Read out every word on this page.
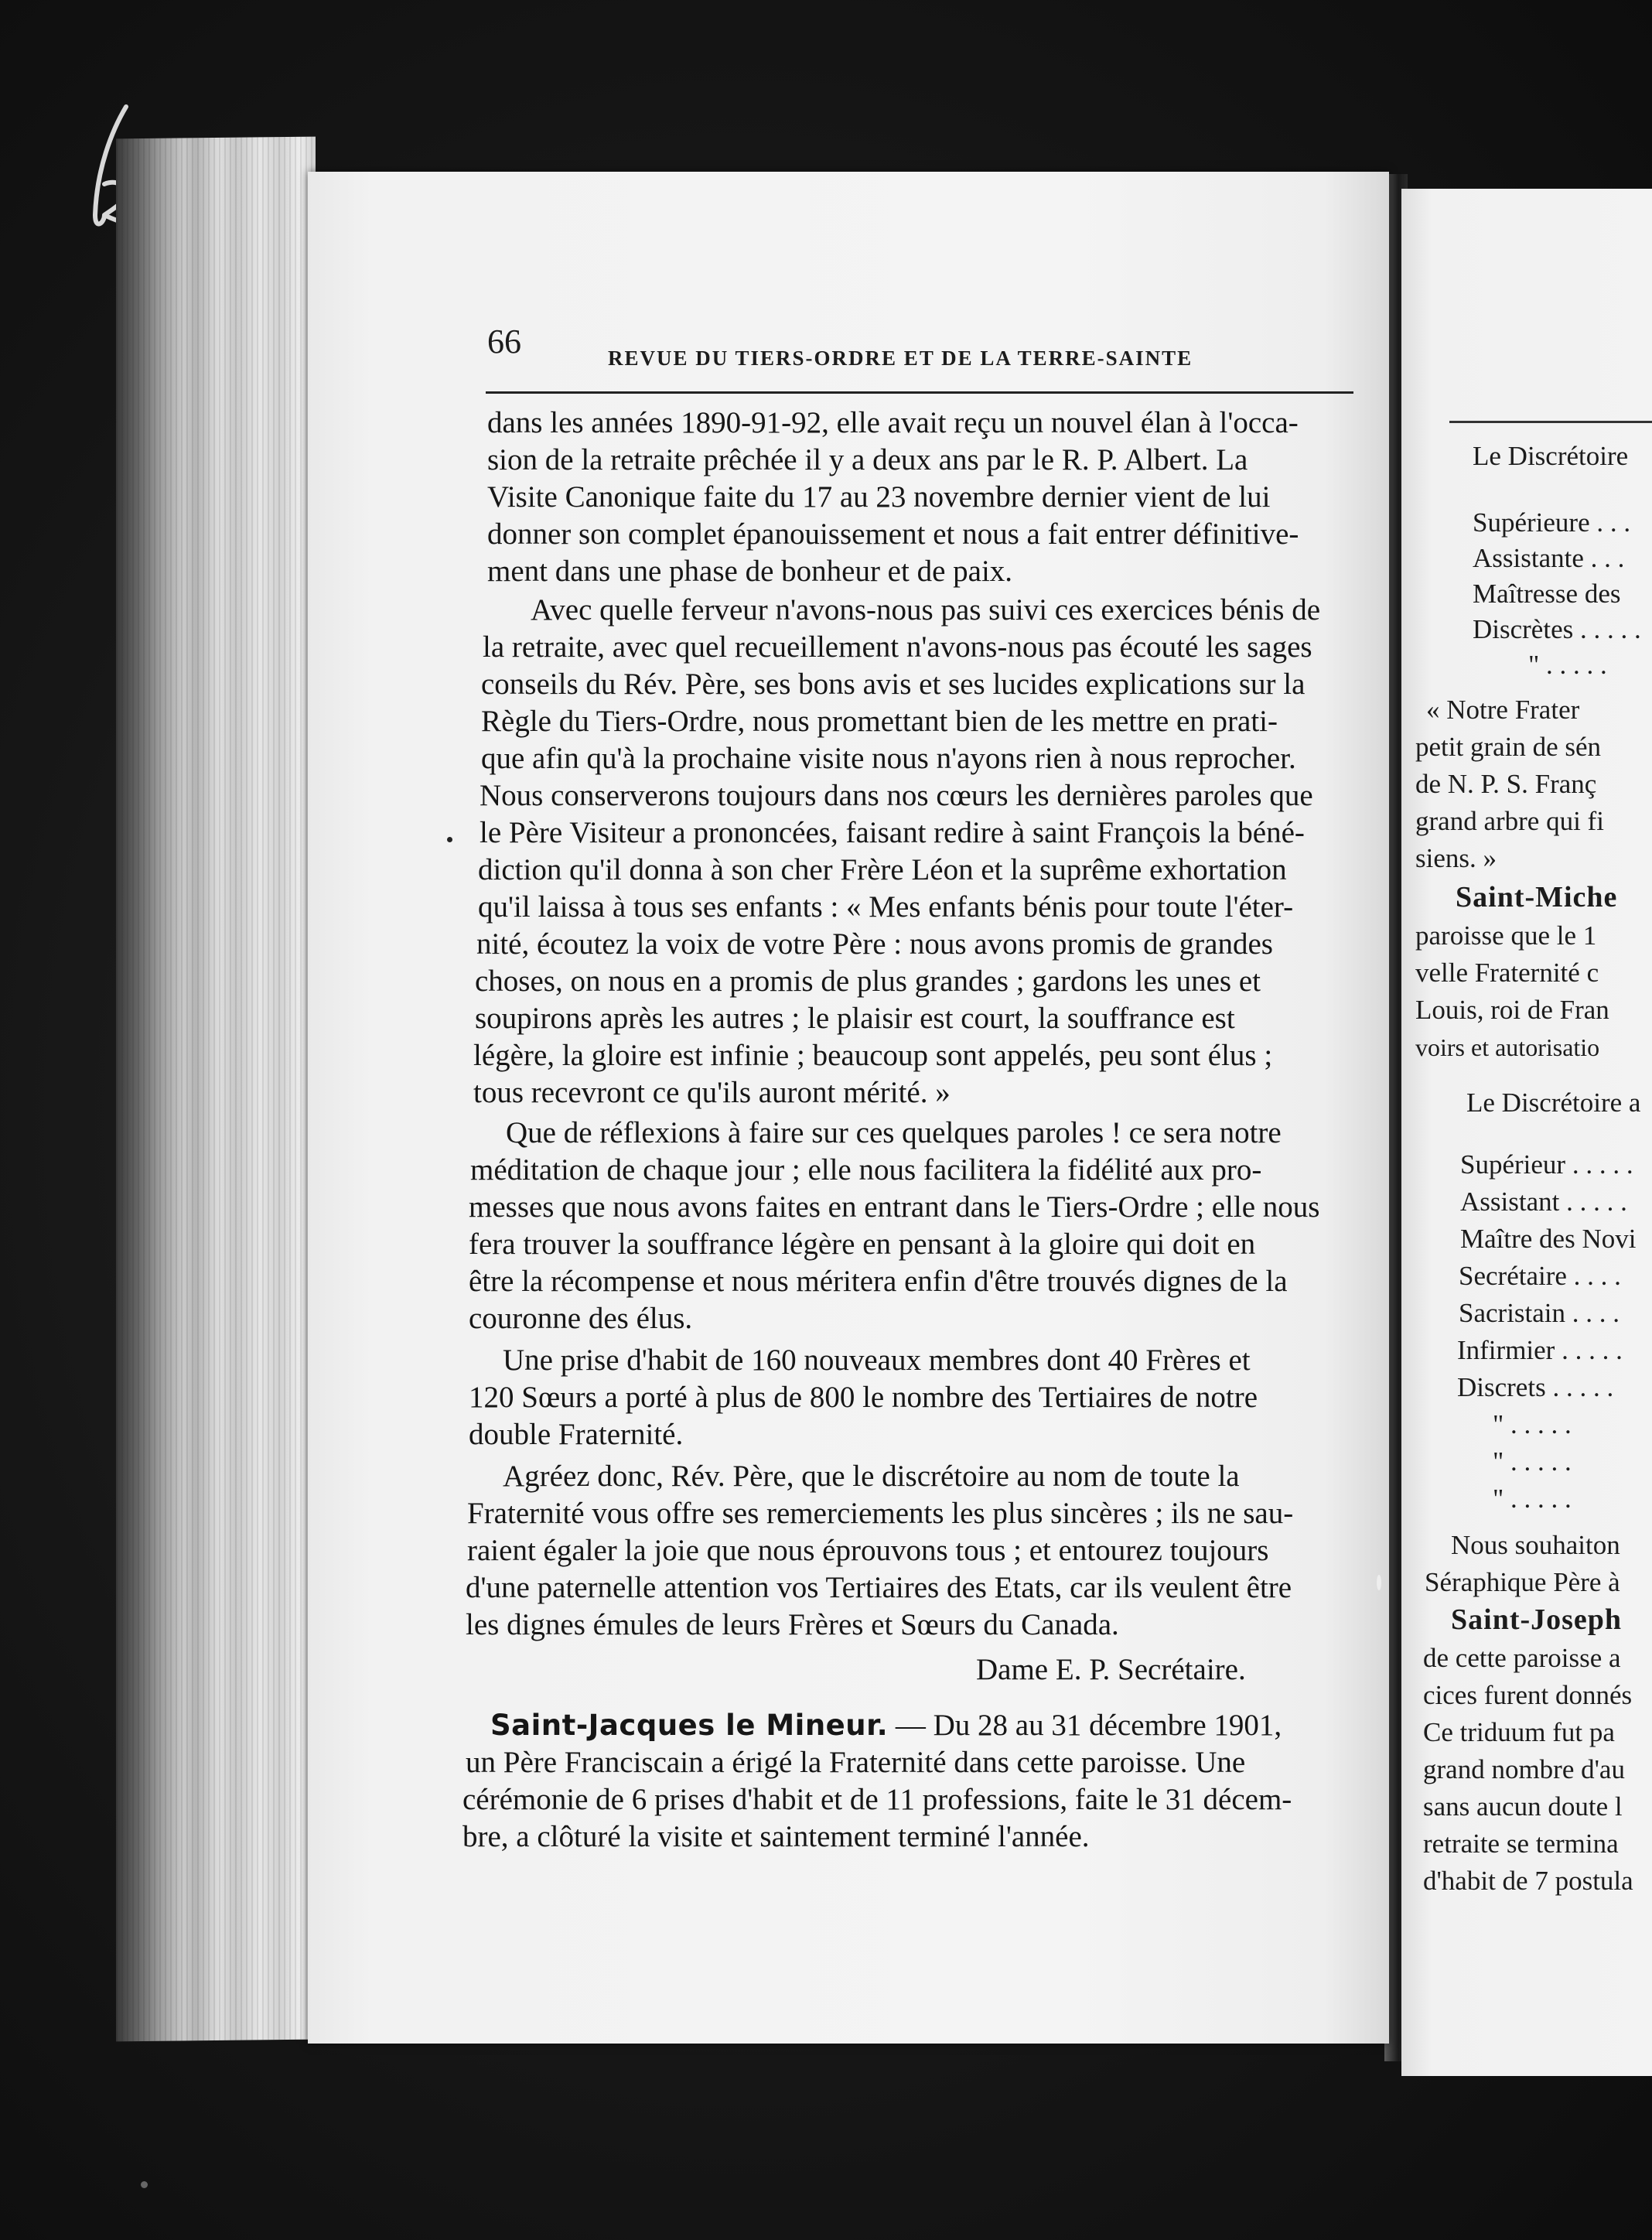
66	REVUE DU TIERS-ORDRE ET DE LA TERRE-SAINTE
dans les années 1890-91-92, elle avait reçu un nouvel élan à l'occa-
sion de la retraite prêchée il y a deux ans par le R. P. Albert. La
Visite Canonique faite du 17 au 23 novembre dernier vient de lui
donner son complet épanouissement et nous a fait entrer définitive-
ment dans une phase de bonheur et de paix.
Avec quelle ferveur n'avons-nous pas suivi ces exercices bénis de
la retraite, avec quel recueillement n'avons-nous pas écouté les sages
conseils du Rév. Père, ses bons avis et ses lucides explications sur la
Règle du Tiers-Ordre, nous promettant bien de les mettre en prati-
que afin qu'à la prochaine visite nous n'ayons rien à nous reprocher.
Nous conserverons toujours dans nos cœurs les dernières paroles que
le Père Visiteur a prononcées, faisant redire à saint François la béné-
diction qu'il donna à son cher Frère Léon et la suprême exhortation
qu'il laissa à tous ses enfants : « Mes enfants bénis pour toute l'éter-
nité, écoutez la voix de votre Père : nous avons promis de grandes
choses, on nous en a promis de plus grandes ; gardons les unes et
soupirons après les autres ; le plaisir est court, la souffrance est
légère, la gloire est infinie ; beaucoup sont appelés, peu sont élus ;
tous recevront ce qu'ils auront mérité. »
Que de réflexions à faire sur ces quelques paroles ! ce sera notre
méditation de chaque jour ; elle nous facilitera la fidélité aux pro-
messes que nous avons faites en entrant dans le Tiers-Ordre ; elle nous
fera trouver la souffrance légère en pensant à la gloire qui doit en
être la récompense et nous méritera enfin d'être trouvés dignes de la
couronne des élus.
Une prise d'habit de 160 nouveaux membres dont 40 Frères et
120 Sœurs a porté à plus de 800 le nombre des Tertiaires de notre
double Fraternité.
Agréez donc, Rév. Père, que le discrétoire au nom de toute la
Fraternité vous offre ses remerciements les plus sincères ; ils ne sau-
raient égaler la joie que nous éprouvons tous ; et entourez toujours
d'une paternelle attention vos Tertiaires des Etats, car ils veulent être
les dignes émules de leurs Frères et Sœurs du Canada.
Dame E. P. Secrétaire.
Saint-Jacques le Mineur. — Du 28 au 31 décembre 1901,
un Père Franciscain a érigé la Fraternité dans cette paroisse. Une
cérémonie de 6 prises d'habit et de 11 professions, faite le 31 décem-
bre, a clôturé la visite et saintement terminé l'année.
Le Discrétoire
Supérieure . . .
Assistante . . .
Maîtresse des
Discrètes . . . . .
" . . . . .
« Notre Frater
petit grain de sén
de N. P. S. Franç
grand arbre qui fi
siens. »
Saint-Miche
paroisse que le 1
velle Fraternité c
Louis, roi de Fran
voirs et autorisatio
Le Discrétoire a
Supérieur . . . . .
Assistant . . . . .
Maître des Novi
Secrétaire . . . .
Sacristain . . . .
Infirmier . . . . .
Discrets . . . . .
" . . . . .
" . . . . .
" . . . . .
Nous souhaiton
Séraphique Père à
Saint-Joseph
de cette paroisse a
cices furent donnés
Ce triduum fut pa
grand nombre d'au
sans aucun doute l
retraite se termina
d'habit de 7 postula
